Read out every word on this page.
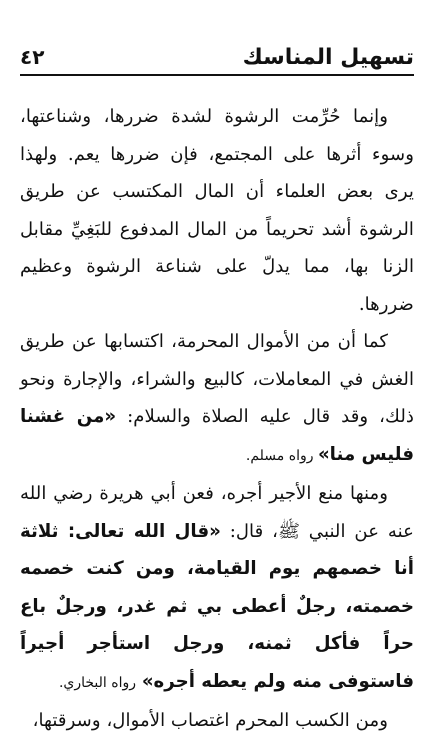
تسهيل المناسك
٤٢

وإنما حُرِّمت الرشوة لشدة ضررها، وشناعتها، وسوء أثرها على المجتمع، فإن ضررها يعم. ولهذا يرى بعض العلماء أن المال المكتسب عن طريق الرشوة أشد تحريماً من المال المدفوع للبَغِيِّ مقابل الزنا بها، مما يدلّ على شناعة الرشوة وعظيم ضررها.

كما أن من الأموال المحرمة، اكتسابها عن طريق الغش في المعاملات، كالبيع والشراء، والإجارة ونحو ذلك، وقد قال عليه الصلاة والسلام: «من غشنا فليس منا» رواه مسلم.

ومنها منع الأجير أجره، فعن أبي هريرة رضي الله عنه عن النبي ﷺ، قال: «قال الله تعالى: ثلاثة أنا خصمهم يوم القيامة، ومن كنت خصمه خصمته، رجلٌ أعطى بي ثم غدر، ورجلٌ باع حراً فأكل ثمنه، ورجل استأجر أجيراً فاستوفى منه ولم يعطه أجره» رواه البخاري.

ومن الكسب المحرم اغتصاب الأموال، وسرقتها،
